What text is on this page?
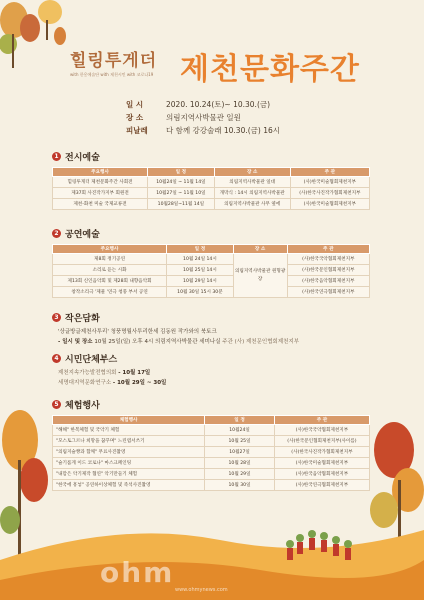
힐링투게더
with 한옹에술단 with 제천시민 with 코로나19 제천문화주간
일 시	2020. 10.24(토)~ 10.30.(금)
장 소	의림지역사박물관 일원
피날레	다 함께 강강술래 10.30.(금) 16시
1 전시예술
주요행사	일 정	장 소	주 관
힐링투게더 제천문화주간 사회전	10월24일 ~ 11월 14일	의림지역사박물관 일대	(사)한국미술협회제천지부
제37회 사진작가지부 회원전	10월27일 ~ 11월 10일	개막식 : 14시 의림지역사박물관	(사)한국사진작가협회제천지부
제천-화천 미술 국제교류전	10월28일~11월 14일	의림지역사박물관 사무 옆에	(사)한국미술협회제천지부
2 공연예술
주요행사	일 정	장 소	주 관
제8회 정기공연	10월 24일 14시	의림지역사박물관 원형광장	(사)한국국악협회제천지부
소리로 듣는 시화	10월 25일 14시		(사)한국문인협회제천지부
제13회 신인음악회 및 제28회 내향음악회	10월 29일 14시		(사)한국음악협회제천지부
창작소리극 '제물 '연극 청풍 부서 공연	10월 30일 15시 30분		(사)한국연극협회제천지부
3 작은담화
'상글방글제천사투리' 청풍명월사투리한세 김동원 작가와의 북토크
- 일시 및 장소 10월 25일(일) 오후 4시 의림지역사박물관 세미나실 주관 (사) 제천문인협회제천지부
4 시민단체부스
제천지속가능발전협의회 - 10월 17일
세명대지역문화연구소 - 10월 29일 ~ 30일
5 체험행사
체험행사	일 정	주 관
"해해" 한복체험 및 국악기 체험	10월24일	(사)한국국악협회제천지부
"모스토그르나 희망을 꿈꾸며" 느린엽서쓰기	10월 25일	(사)한국문인협회제천지부(사이를)
"의림지슬짱과 함께" 무료사진촬영	10월27일	(사)한국사진작가협회제천지부
"슬기롭게 이드 코로나" 마스크페인팅	10월 28일	(사)한국미술협회제천지부
"내맘은 악기제작 협연" 악기만들기 체험	10월 29일	(사)한국음악협회제천지부
"한국에 흥넣" 공연하이상체험 및 즉석사진촬영	10월 30일	(사)한국연극협회제천지부
ohm
www.ohmynews.com
